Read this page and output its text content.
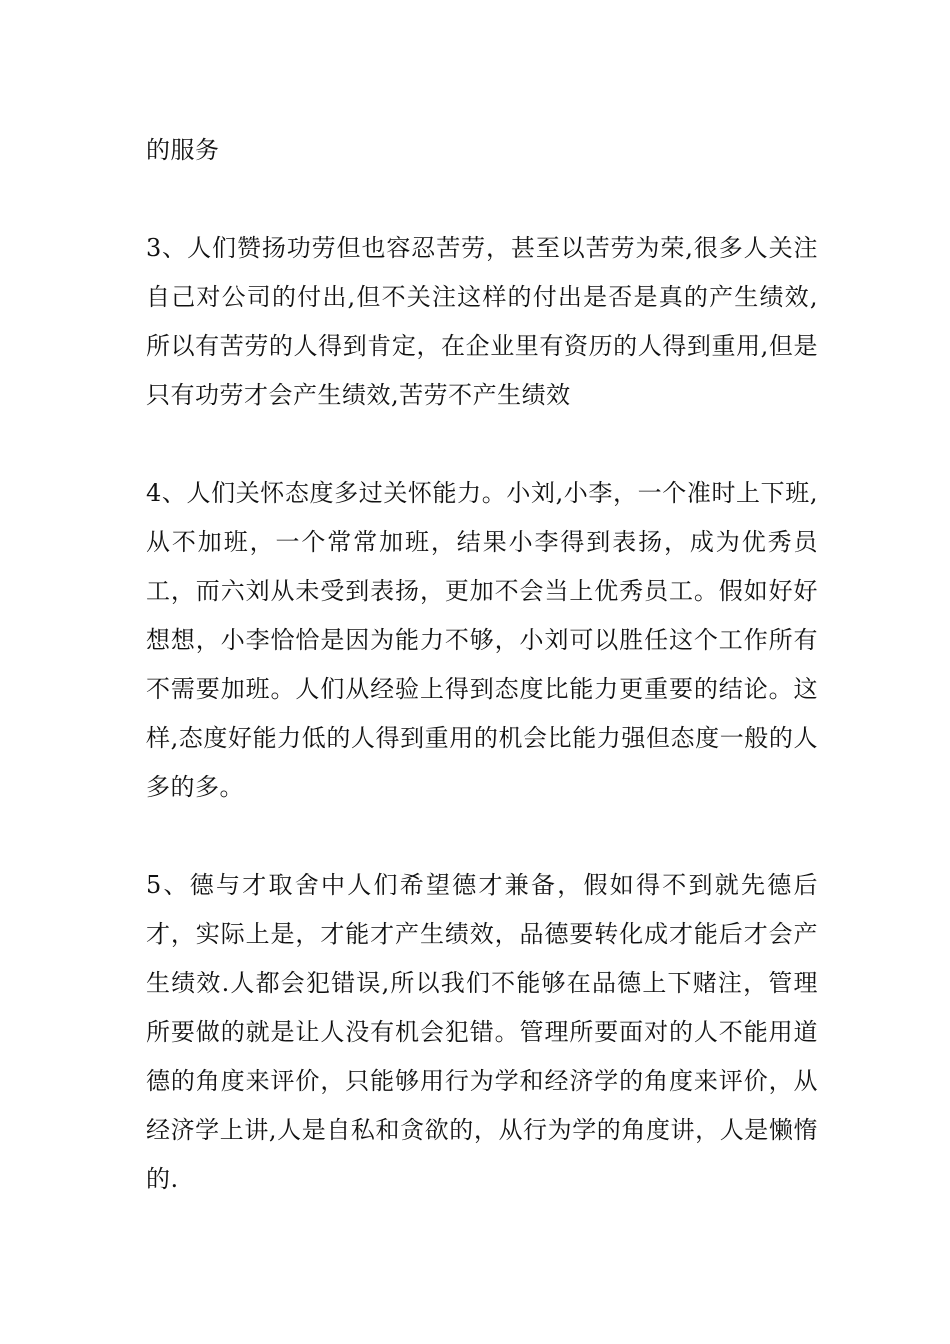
的服务

3、人们赞扬功劳但也容忍苦劳，甚至以苦劳为荣,很多人关注自己对公司的付出,但不关注这样的付出是否是真的产生绩效,所以有苦劳的人得到肯定，在企业里有资历的人得到重用,但是只有功劳才会产生绩效,苦劳不产生绩效

4、人们关怀态度多过关怀能力。小刘,小李，一个准时上下班,从不加班，一个常常加班，结果小李得到表扬，成为优秀员工，而六刘从未受到表扬，更加不会当上优秀员工。假如好好想想，小李恰恰是因为能力不够，小刘可以胜任这个工作所有不需要加班。人们从经验上得到态度比能力更重要的结论。这样,态度好能力低的人得到重用的机会比能力强但态度一般的人多的多。

5、德与才取舍中人们希望德才兼备，假如得不到就先德后才，实际上是，才能才产生绩效，品德要转化成才能后才会产生绩效.人都会犯错误,所以我们不能够在品德上下赌注，管理所要做的就是让人没有机会犯错。管理所要面对的人不能用道德的角度来评价，只能够用行为学和经济学的角度来评价，从经济学上讲,人是自私和贪欲的，从行为学的角度讲，人是懒惰的.
